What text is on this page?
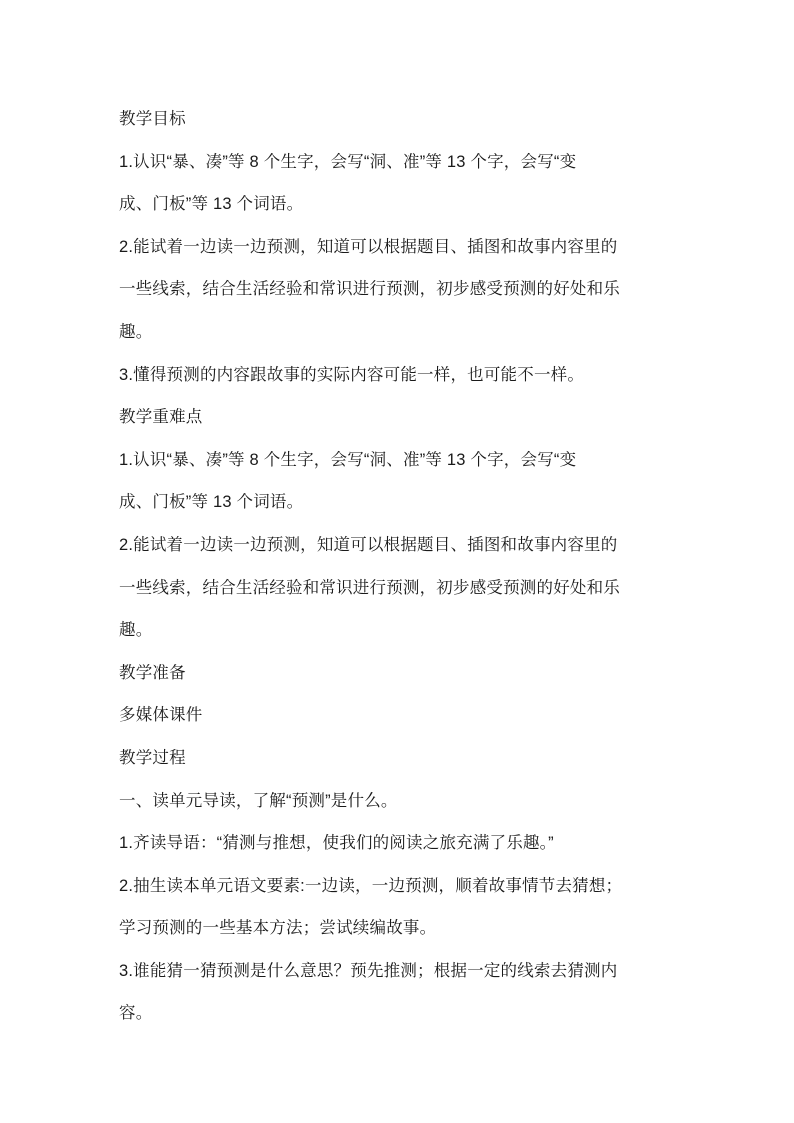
教学目标
1.认识“暴、凑”等 8 个生字，会写“洞、准”等 13 个字，会写“变
成、门板”等 13 个词语。
2.能试着一边读一边预测，知道可以根据题目、插图和故事内容里的
一些线索，结合生活经验和常识进行预测，初步感受预测的好处和乐
趣。
3.懂得预测的内容跟故事的实际内容可能一样，也可能不一样。
教学重难点
1.认识“暴、凑”等 8 个生字，会写“洞、准”等 13 个字，会写“变
成、门板”等 13 个词语。
2.能试着一边读一边预测，知道可以根据题目、插图和故事内容里的
一些线索，结合生活经验和常识进行预测，初步感受预测的好处和乐
趣。
教学准备
多媒体课件
教学过程
一、读单元导读，了解“预测”是什么。
1.齐读导语：“猜测与推想，使我们的阅读之旅充满了乐趣。”
2.抽生读本单元语文要素:一边读，一边预测，顺着故事情节去猜想；
学习预测的一些基本方法；尝试续编故事。
3.谁能猜一猜预测是什么意思？预先推测；根据一定的线索去猜测内
容。
